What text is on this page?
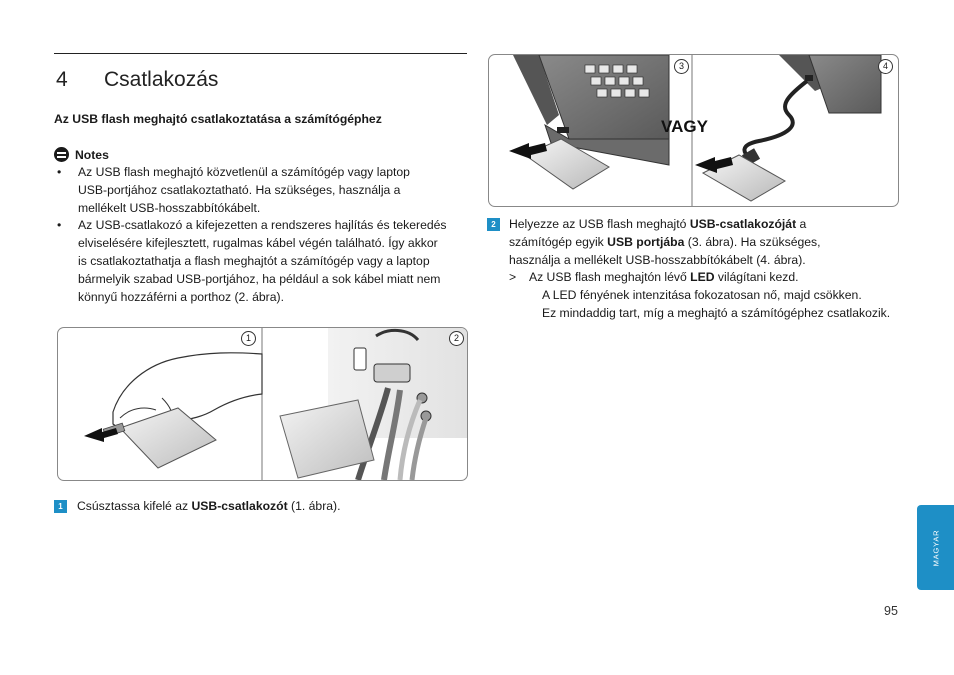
4 Csatlakozás
Az USB flash meghajtó csatlakoztatása a számítógéphez
Notes
• Az USB flash meghajtó közvetlenül a számítógép vagy laptop
USB-portjához csatlakoztatható. Ha szükséges, használja a
mellékelt USB-hosszabbítókábelt.
• Az USB-csatlakozó a kifejezetten a rendszeres hajlítás és tekeredés
elviselésére kifejlesztett, rugalmas kábel végén található. Így akkor
is csatlakoztathatja a flash meghajtót a számítógép vagy a laptop
bármelyik szabad USB-portjához, ha például a sok kábel miatt nem
könnyű hozzáférni a porthoz (2. ábra).
1	2
VAGY
3	4
1	Csúsztassa kifelé az USB-csatlakozót (1. ábra).
2	Helyezze az USB flash meghajtó USB-csatlakozóját a
számítógép egyik USB portjába (3. ábra). Ha szükséges,
használja a mellékelt USB-hosszabbítókábelt (4. ábra).
> Az USB flash meghajtón lévő LED világítani kezd.
A LED fényének intenzitása fokozatosan nő, majd csökken.
Ez mindaddig tart, míg a meghajtó a számítógéphez csatlakozik.
MAGYAR
95
